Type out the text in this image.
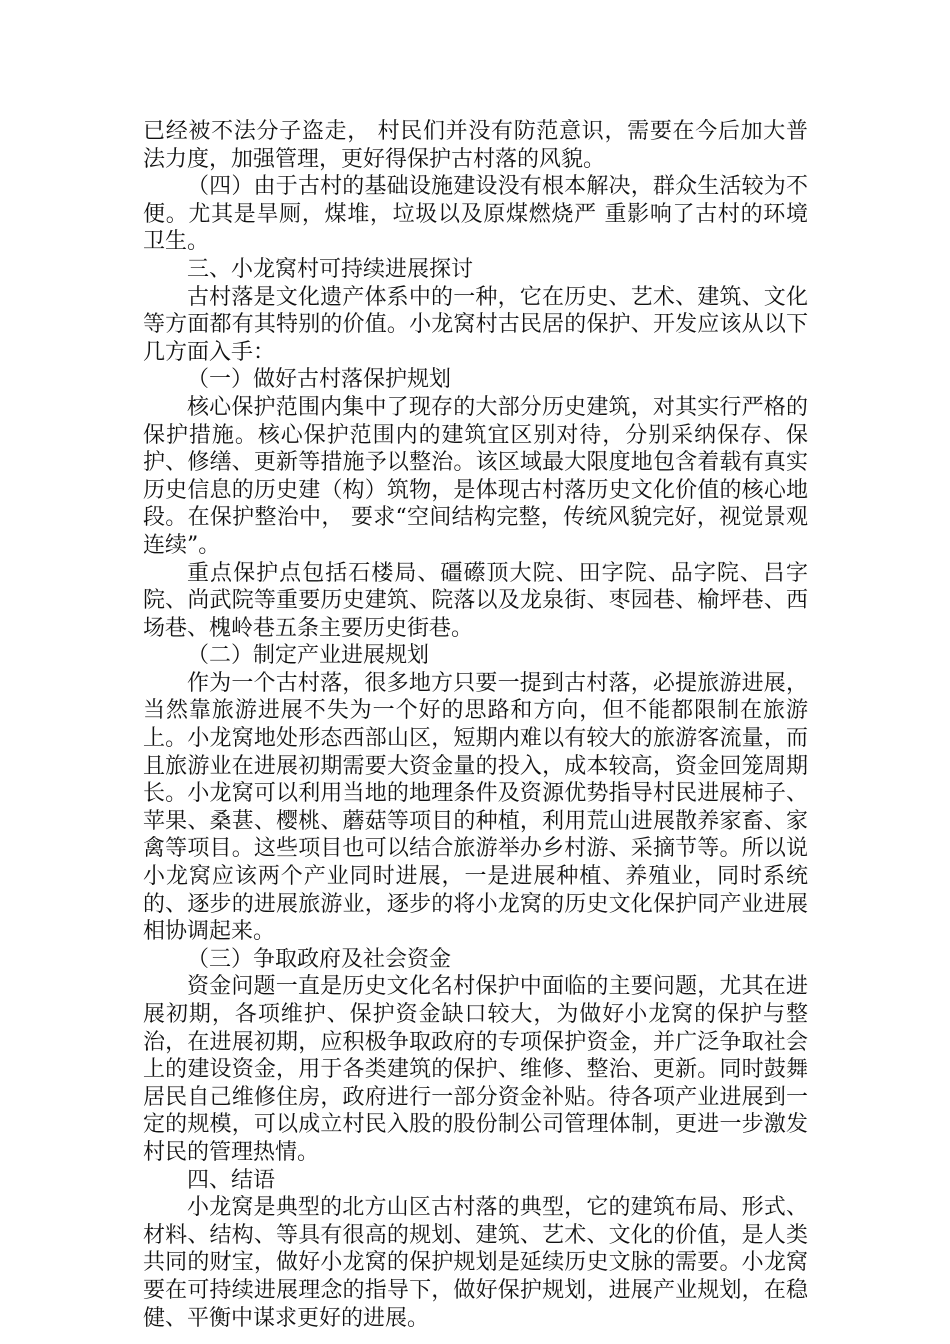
已经被不法分子盗走， 村民们并没有防范意识，需要在今后加大普法力度，加强管理，更好得保护古村落的风貌。

（四）由于古村的基础设施建设没有根本解决，群众生活较为不便。尤其是旱厕，煤堆，垃圾以及原煤燃烧严 重影响了古村的环境卫生。

三、小龙窝村可持续进展探讨

古村落是文化遗产体系中的一种，它在历史、艺术、建筑、文化等方面都有其特别的价值。小龙窝村古民居的保护、开发应该从以下几方面入手：

（一）做好古村落保护规划

核心保护范围内集中了现存的大部分历史建筑，对其实行严格的保护措施。核心保护范围内的建筑宜区别对待，分别采纳保存、保护、修缮、更新等措施予以整治。该区域最大限度地包含着载有真实历史信息的历史建（构）筑物，是体现古村落历史文化价值的核心地段。在保护整治中， 要求“空间结构完整，传统风貌完好，视觉景观连续”。

重点保护点包括石楼局、礓礤顶大院、田字院、品字院、吕字院、尚武院等重要历史建筑、院落以及龙泉街、枣园巷、榆坪巷、西场巷、槐岭巷五条主要历史街巷。

（二）制定产业进展规划

作为一个古村落，很多地方只要一提到古村落，必提旅游进展，当然靠旅游进展不失为一个好的思路和方向，但不能都限制在旅游上。小龙窝地处形态西部山区，短期内难以有较大的旅游客流量，而且旅游业在进展初期需要大资金量的投入，成本较高，资金回笼周期长。小龙窝可以利用当地的地理条件及资源优势指导村民进展柿子、苹果、桑葚、樱桃、蘑菇等项目的种植，利用荒山进展散养家畜、家禽等项目。这些项目也可以结合旅游举办乡村游、采摘节等。所以说小龙窝应该两个产业同时进展，一是进展种植、养殖业，同时系统的、逐步的进展旅游业，逐步的将小龙窝的历史文化保护同产业进展相协调起来。

（三）争取政府及社会资金

资金问题一直是历史文化名村保护中面临的主要问题，尤其在进展初期，各项维护、保护资金缺口较大，为做好小龙窝的保护与整治，在进展初期，应积极争取政府的专项保护资金，并广泛争取社会上的建设资金，用于各类建筑的保护、维修、整治、更新。同时鼓舞居民自己维修住房，政府进行一部分资金补贴。待各项产业进展到一定的规模，可以成立村民入股的股份制公司管理体制，更进一步激发村民的管理热情。

四、结语

小龙窝是典型的北方山区古村落的典型，它的建筑布局、形式、材料、结构、等具有很高的规划、建筑、艺术、文化的价值，是人类共同的财宝，做好小龙窝的保护规划是延续历史文脉的需要。小龙窝要在可持续进展理念的指导下，做好保护规划，进展产业规划，在稳健、平衡中谋求更好的进展。
